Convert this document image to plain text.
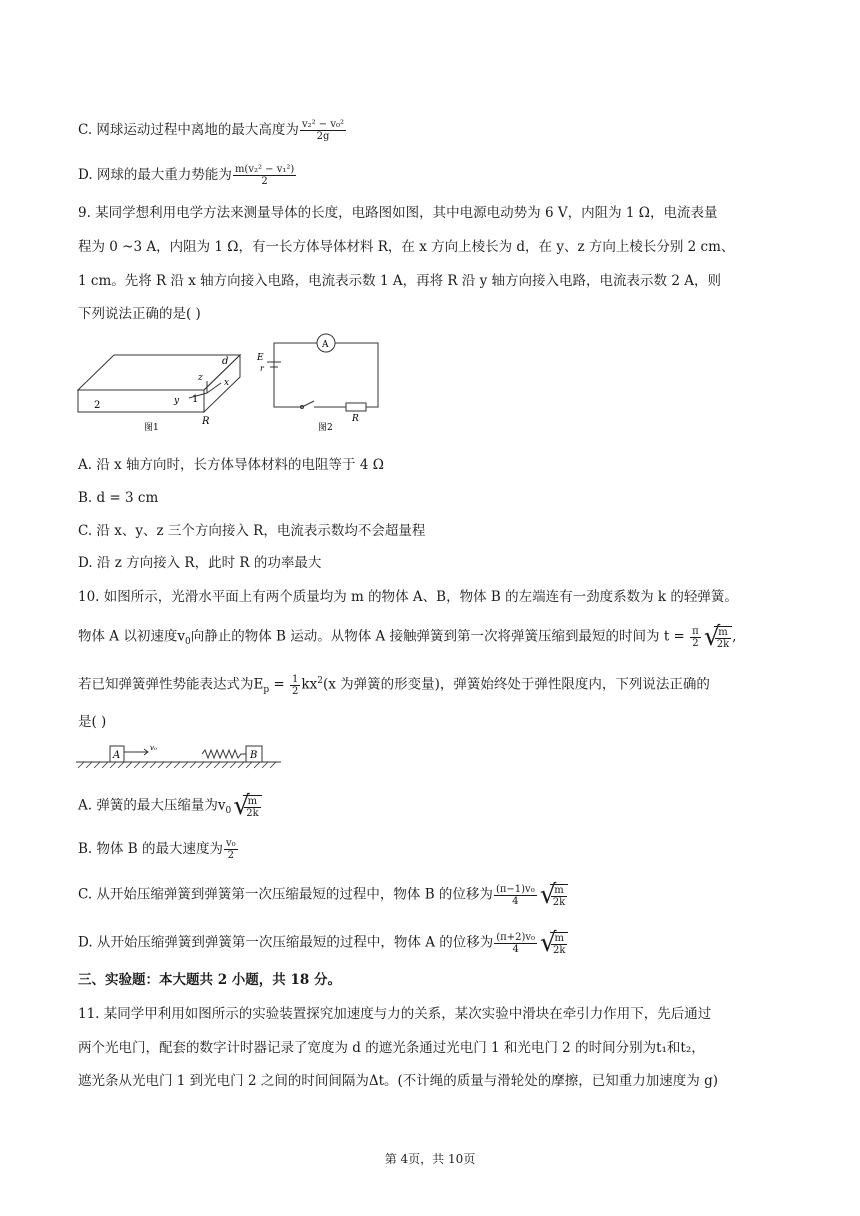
C. 网球运动过程中离地的最大高度为 $\frac{\text{v₂² − v₀²}}{2g}$
D. 网球的最大重力势能为 $\frac{\text{m(v₂² − v₁²)}}{2}$
9. 某同学想利用电学方法来测量导体的长度，电路图如图，其中电源电动势为 6 V，内阻为 1 Ω，电流表量
程为 0 ~3 A，内阻为 1 Ω，有一长方体导体材料 R，在 x 方向上棱长为 d，在 y、z 方向上棱长分别 2 cm、
1 cm。先将 R 沿 x 轴方向接入电路，电流表示数 1 A，再将 R 沿 y 轴方向接入电路，电流表示数 2 A，则
下列说法正确的是( )
2
1
d
R
z x
y
图1
A
E
r
R
图2
A. 沿 x 轴方向时，长方体导体材料的电阻等于 4 Ω
B. d = 3 cm
C. 沿 x、y、z 三个方向接入 R，电流表示数均不会超量程
D. 沿 z 方向接入 R，此时 R 的功率最大
10. 如图所示，光滑水平面上有两个质量均为 m 的物体 A、B，物体 B 的左端连有一劲度系数为 k 的轻弹簧。
物体 A 以初速度$v_0$向静止的物体 B 运动。从物体 A 接触弹簧到第一次将弹簧压缩到最短的时间为 $t = \frac{\pi}{2}$ √
$\frac{m}{2k}$ ,
若已知弹簧弹性势能表达式为$E_p = \frac{1}{2} kx^2(x$ 为弹簧的形变量)，弹簧始终处于弹性限度内，下列说法正确的
是( )
A	B
v₀
A. 弹簧的最大压缩量为$v_0$ √
$\frac{m}{2k}$
B. 物体 B 的最大速度为 $\frac{\text{v₀}}{2}$
C. 从开始压缩弹簧到弹簧第一次压缩最短的过程中，物体 B 的位移为 $\frac{\text{(π−1)v₀}}{4}$ √
$\frac{m}{2k}$
D. 从开始压缩弹簧到弹簧第一次压缩最短的过程中，物体 A 的位移为 $\frac{\text{(π+2)v₀}}{4}$ √
$\frac{m}{2k}$
三、实验题：本大题共 2 小题，共 18 分。
11. 某同学甲利用如图所示的实验装置探究加速度与力的关系，某次实验中滑块在牵引力作用下，先后通过
两个光电门，配套的数字计时器记录了宽度为 d 的遮光条通过光电门 1 和光电门 2 的时间分别为t₁和t₂，
遮光条从光电门 1 到光电门 2 之间的时间间隔为Δt。(不计绳的质量与滑轮处的摩擦，已知重力加速度为 g)
第 4页，共 10页
